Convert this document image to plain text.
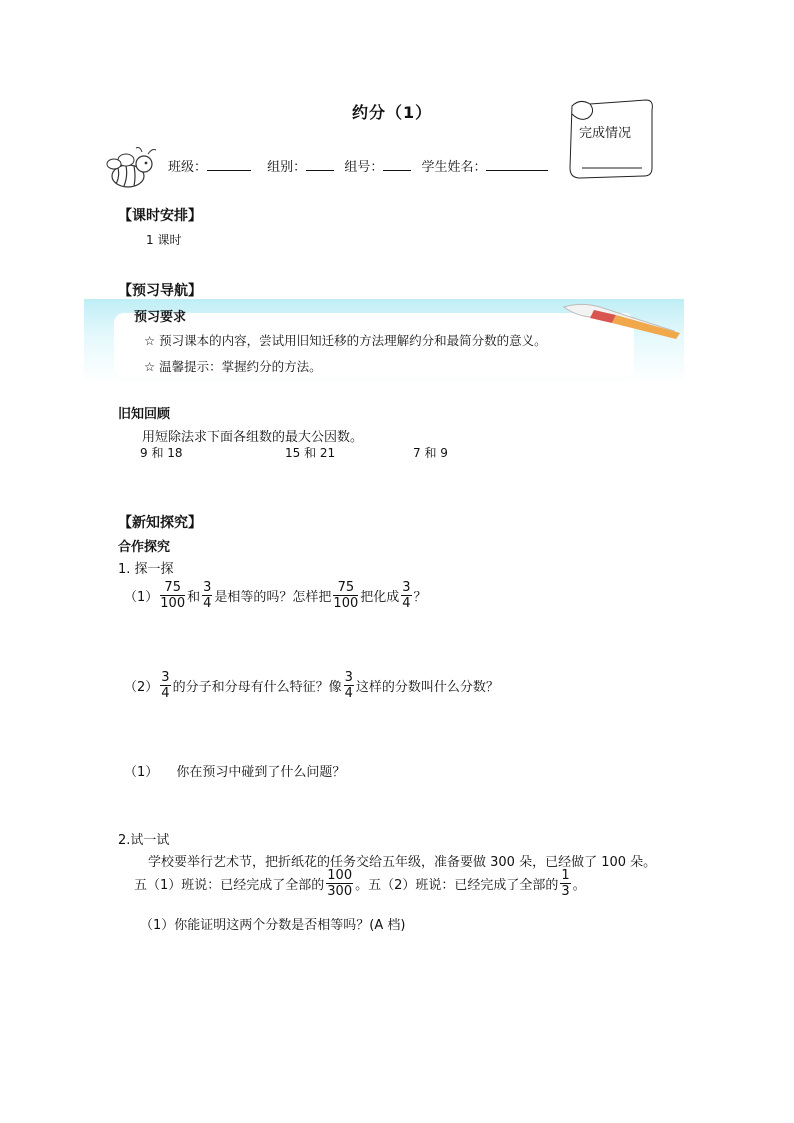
约分（1）
完成情况
班级：	组别：	组号：	学生姓名：
【课时安排】
1 课时
【预习导航】
预习要求
☆ 预习课本的内容，尝试用旧知迁移的方法理解约分和最简分数的意义。
☆ 温馨提示：掌握约分的方法。
旧知回顾
用短除法求下面各组数的最大公因数。
9 和 18	15 和 21	7 和 9
【新知探究】
合作探究
1. 探一探
$(1) \frac{75}{100}$ 和 $\frac{3}{4}$ 是相等的吗？怎样把 $\frac{75}{100}$ 把化成 $\frac{3}{4}$ ？
$(2) \frac{3}{4}$ 的分子和分母有什么特征？像 $\frac{3}{4}$ 这样的分数叫什么分数？
（1） 你在预习中碰到了什么问题？
2.试一试
学校要举行艺术节，把折纸花的任务交给五年级，准备要做 300 朵，已经做了 100 朵。
五（1）班说：已经完成了全部的 $\frac{100}{300}$ 。五（2）班说：已经完成了全部的 $\frac{1}{3}$ 。
（1）你能证明这两个分数是否相等吗？(A 档)
